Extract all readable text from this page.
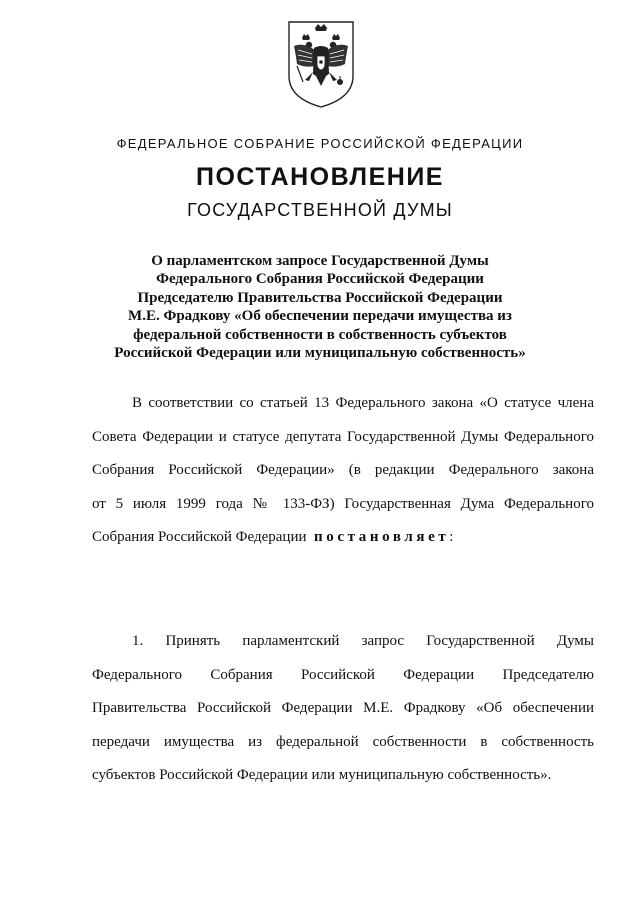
ФЕДЕРАЛЬНОЕ СОБРАНИЕ РОССИЙСКОЙ ФЕДЕРАЦИИ
ПОСТАНОВЛЕНИЕ
ГОСУДАРСТВЕННОЙ ДУМЫ
О парламентском запросе Государственной Думы
Федерального Собрания Российской Федерации
Председателю Правительства Российской Федерации
М.Е. Фрадкову «Об обеспечении передачи имущества из
федеральной собственности в собственность субъектов
Российской Федерации или муниципальную собственность»
В соответствии со статьей 13 Федерального закона «О статусе члена
Совета Федерации и статусе депутата Государственной Думы Федерального
Собрания Российской Федерации» (в редакции Федерального закона
от 5 июля 1999 года № 133-ФЗ) Государственная Дума Федерального
Собрания Российской Федерации постановляет:
1. Принять парламентский запрос Государственной Думы
Федерального Собрания Российской Федерации Председателю
Правительства Российской Федерации М.Е. Фрадкову «Об обеспечении
передачи имущества из федеральной собственности в собственность
субъектов Российской Федерации или муниципальную собственность».
